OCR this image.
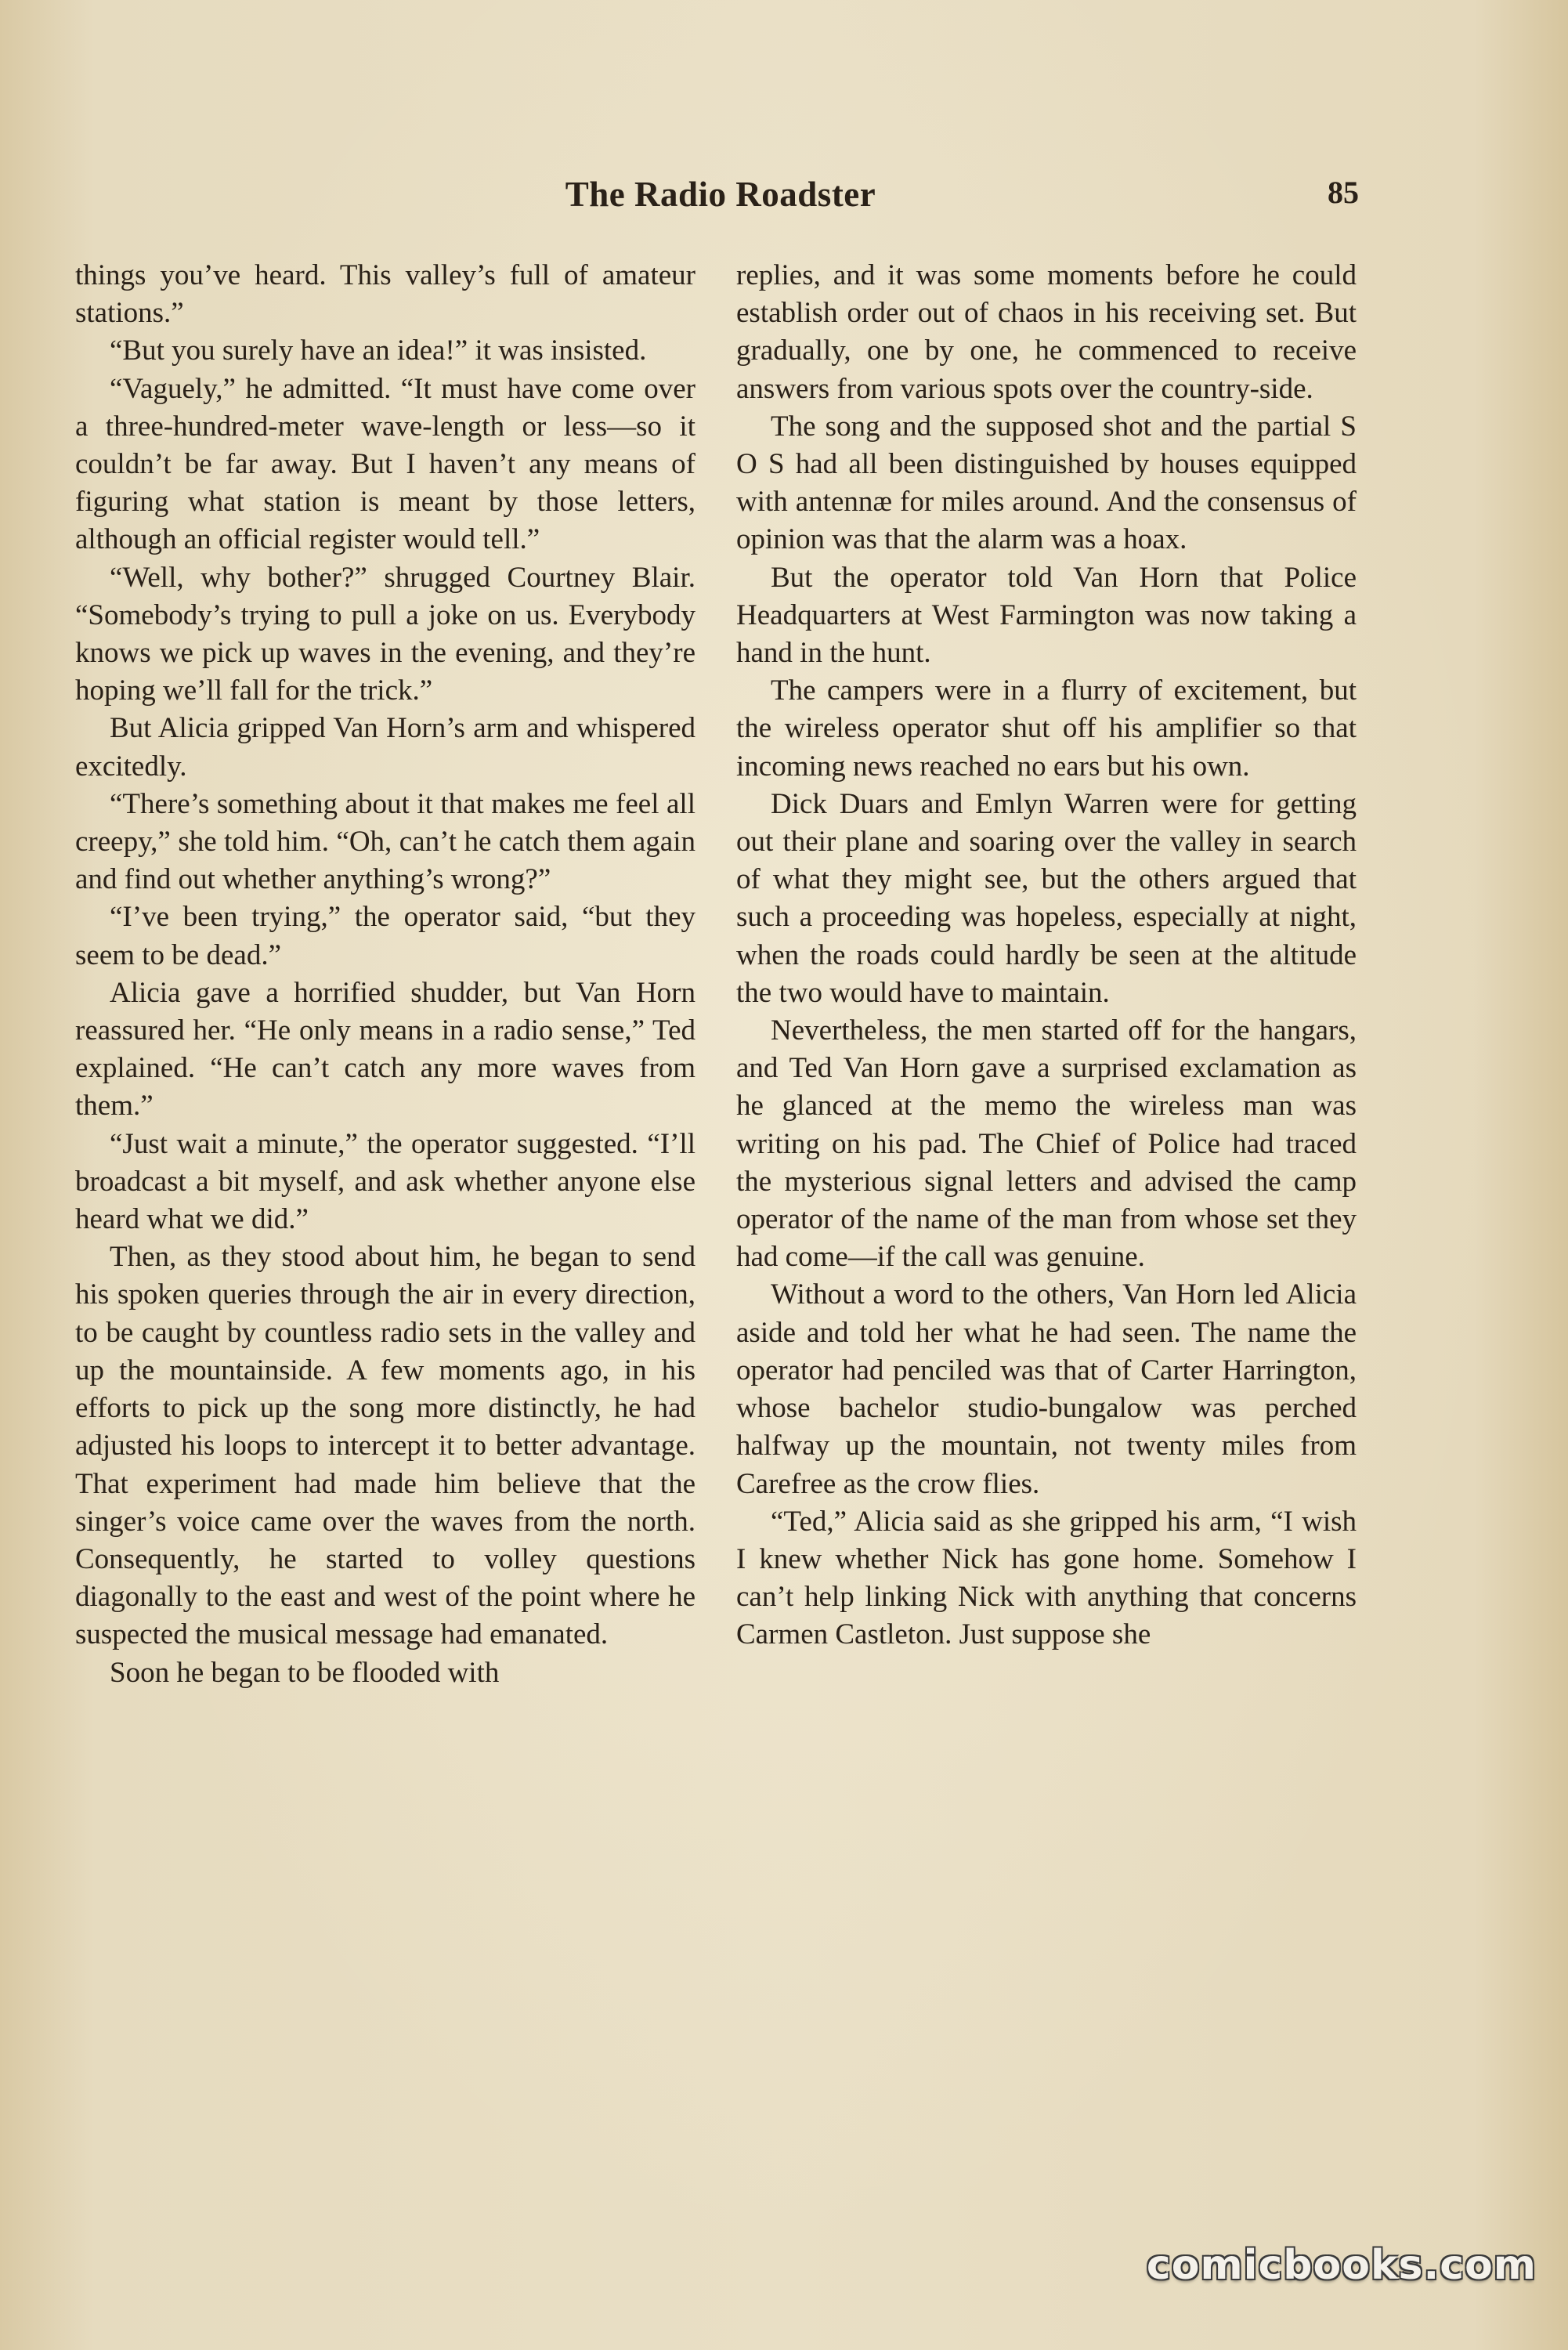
The Radio Roadster	85

things you’ve heard. This valley’s full of amateur stations.”

“But you surely have an idea!” it was insisted.

“Vaguely,” he admitted. “It must have come over a three-hundred-meter wave-length or less—so it couldn’t be far away. But I haven’t any means of figuring what station is meant by those letters, although an official register would tell.”

“Well, why bother?” shrugged Courtney Blair. “Somebody’s trying to pull a joke on us. Everybody knows we pick up waves in the evening, and they’re hoping we’ll fall for the trick.”

But Alicia gripped Van Horn’s arm and whispered excitedly.

“There’s something about it that makes me feel all creepy,” she told him. “Oh, can’t he catch them again and find out whether anything’s wrong?”

“I’ve been trying,” the operator said, “but they seem to be dead.”

Alicia gave a horrified shudder, but Van Horn reassured her. “He only means in a radio sense,” Ted explained. “He can’t catch any more waves from them.”

“Just wait a minute,” the operator suggested. “I’ll broadcast a bit myself, and ask whether anyone else heard what we did.”

Then, as they stood about him, he began to send his spoken queries through the air in every direction, to be caught by countless radio sets in the valley and up the mountainside. A few moments ago, in his efforts to pick up the song more distinctly, he had adjusted his loops to intercept it to better advantage. That experiment had made him believe that the singer’s voice came over the waves from the north. Consequently, he started to volley questions diagonally to the east and west of the point where he suspected the musical message had emanated.

Soon he began to be flooded with

replies, and it was some moments before he could establish order out of chaos in his receiving set. But gradually, one by one, he commenced to receive answers from various spots over the country-side.

The song and the supposed shot and the partial S O S had all been distinguished by houses equipped with antennæ for miles around. And the consensus of opinion was that the alarm was a hoax.

But the operator told Van Horn that Police Headquarters at West Farmington was now taking a hand in the hunt.

The campers were in a flurry of excitement, but the wireless operator shut off his amplifier so that incoming news reached no ears but his own.

Dick Duars and Emlyn Warren were for getting out their plane and soaring over the valley in search of what they might see, but the others argued that such a proceeding was hopeless, especially at night, when the roads could hardly be seen at the altitude the two would have to maintain.

Nevertheless, the men started off for the hangars, and Ted Van Horn gave a surprised exclamation as he glanced at the memo the wireless man was writing on his pad. The Chief of Police had traced the mysterious signal letters and advised the camp operator of the name of the man from whose set they had come—if the call was genuine.

Without a word to the others, Van Horn led Alicia aside and told her what he had seen. The name the operator had penciled was that of Carter Harrington, whose bachelor studio-bungalow was perched halfway up the mountain, not twenty miles from Carefree as the crow flies.

“Ted,” Alicia said as she gripped his arm, “I wish I knew whether Nick has gone home. Somehow I can’t help linking Nick with anything that concerns Carmen Castleton. Just suppose she

comicbooks.com
